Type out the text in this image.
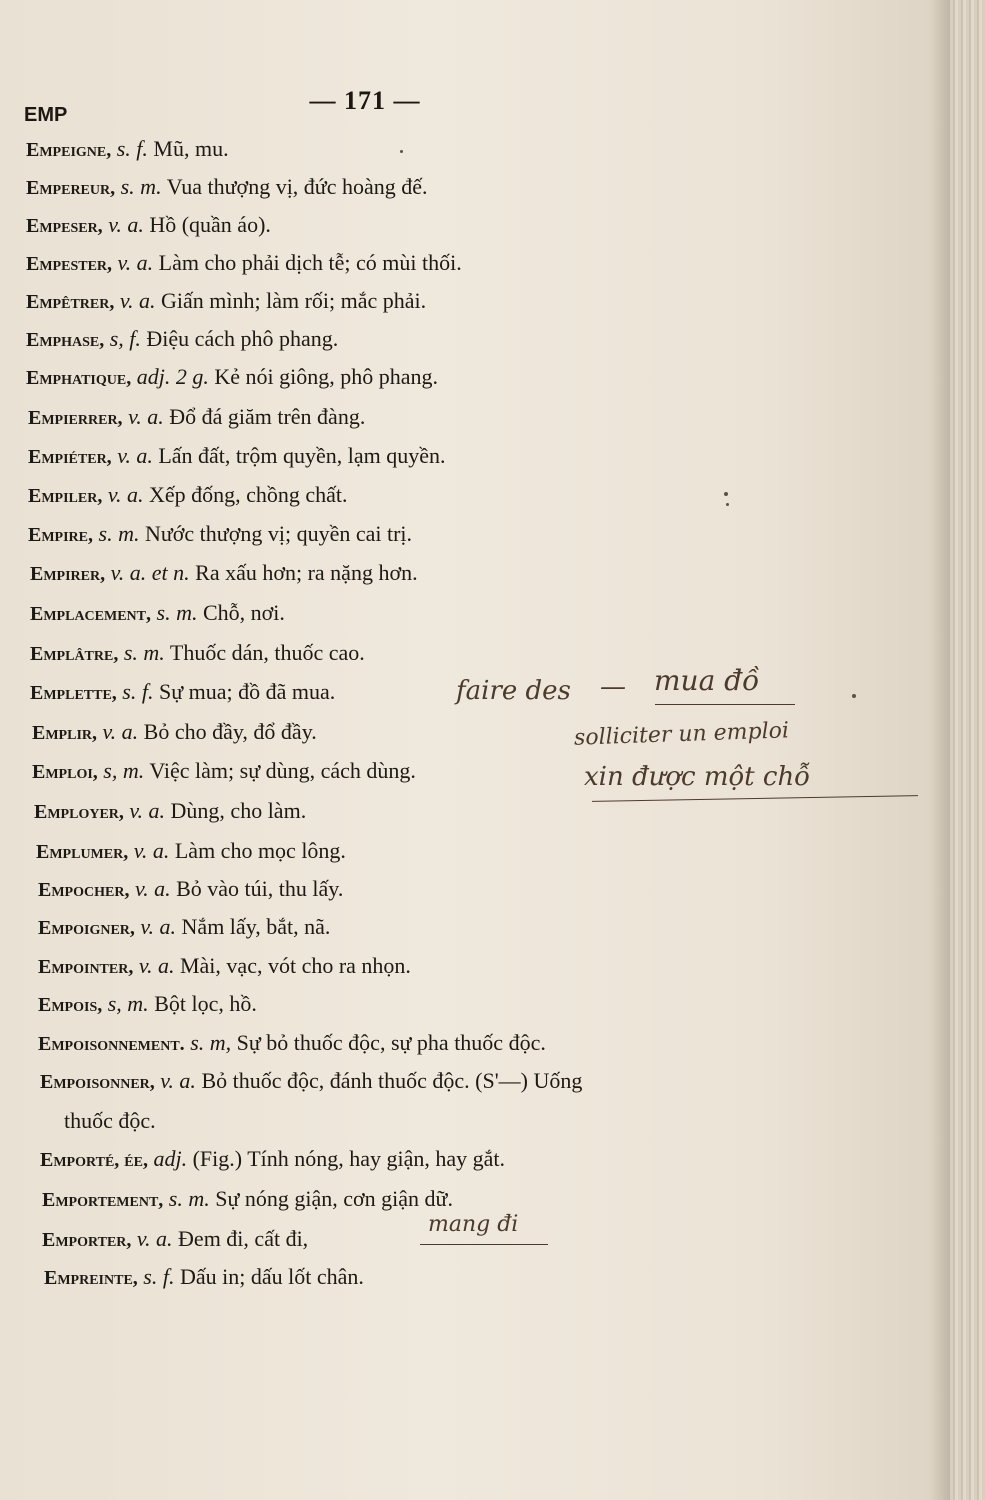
— 171 —
EMP
Empeigne, s. f. Mũ, mu.
Empereur, s. m. Vua thượng vị, đức hoàng đế.
Empeser, v. a. Hồ (quần áo).
Empester, v. a. Làm cho phải dịch tễ; có mùi thối.
Empêtrer, v. a. Giấn mình; làm rối; mắc phải.
Emphase, s, f. Điệu cách phô phang.
Emphatique, adj. 2 g. Kẻ nói giông, phô phang.
Empierrer, v. a. Đổ đá giăm trên đàng.
Empiéter, v. a. Lấn đất, trộm quyền, lạm quyền.
Empiler, v. a. Xếp đống, chồng chất.
Empire, s. m. Nước thượng vị; quyền cai trị.
Empirer, v. a. et n. Ra xấu hơn; ra nặng hơn.
Emplacement, s. m. Chỗ, nơi.
Emplâtre, s. m. Thuốc dán, thuốc cao.
Emplette, s. f. Sự mua; đồ đã mua.
Emplir, v. a. Bỏ cho đầy, đổ đầy.
Emploi, s, m. Việc làm; sự dùng, cách dùng.
Employer, v. a. Dùng, cho làm.
Emplumer, v. a. Làm cho mọc lông.
Empocher, v. a. Bỏ vào túi, thu lấy.
Empoigner, v. a. Nắm lấy, bắt, nã.
Empointer, v. a. Mài, vạc, vót cho ra nhọn.
Empois, s, m. Bột lọc, hồ.
Empoisonnement. s. m, Sự bỏ thuốc độc, sự pha thuốc độc.
Empoisonner, v. a. Bỏ thuốc độc, đánh thuốc độc. (S'—) Uống
thuốc độc.
Emporté, ée, adj. (Fig.) Tính nóng, hay giận, hay gắt.
Emportement, s. m. Sự nóng giận, cơn giận dữ.
Emporter, v. a. Đem đi, cất đi,
Empreinte, s. f. Dấu in; dấu lốt chân.
faire des — mua đồ
solliciter un emploi
xin được một chỗ
mang đi
